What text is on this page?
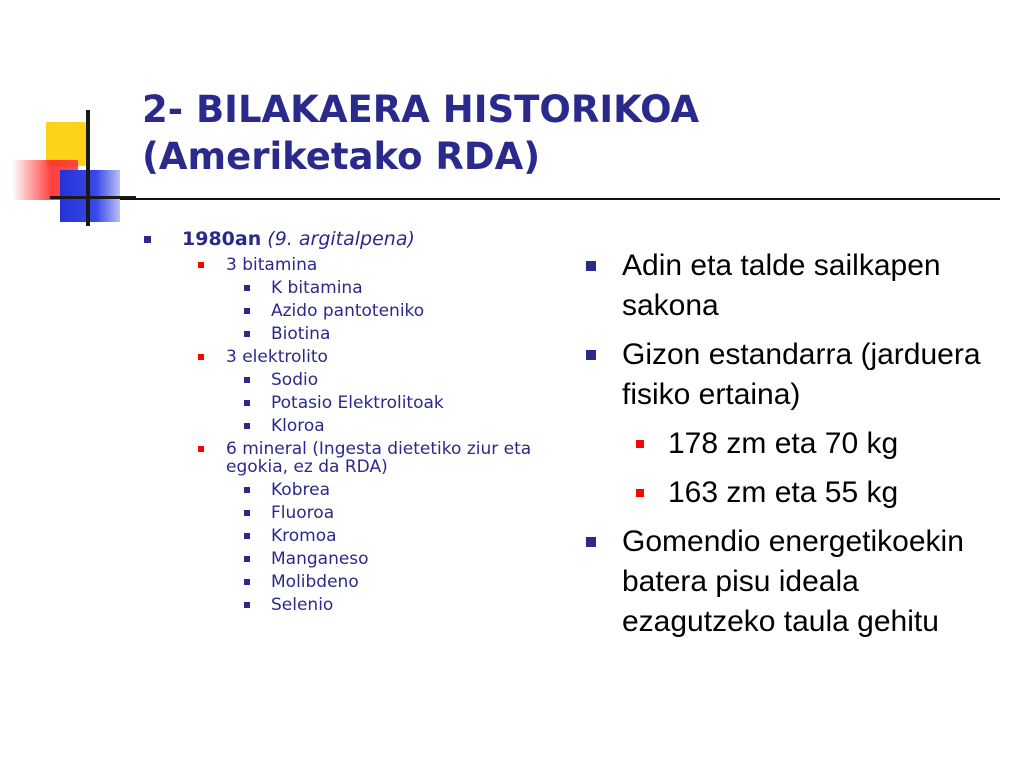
2- BILAKAERA HISTORIKOA
(Ameriketako RDA)
1980an (9. argitalpena)
3 bitamina
K bitamina
Azido pantoteniko
Biotina
3 elektrolito
Sodio
Potasio Elektrolitoak
Kloroa
6 mineral (Ingesta dietetiko ziur eta egokia, ez da RDA)
Kobrea
Fluoroa
Kromoa
Manganeso
Molibdeno
Selenio
Adin eta talde sailkapen sakona
Gizon estandarra (jarduera fisiko ertaina)
178 zm eta 70 kg
163 zm eta 55 kg
Gomendio energetikoekin batera pisu ideala ezagutzeko taula gehitu
